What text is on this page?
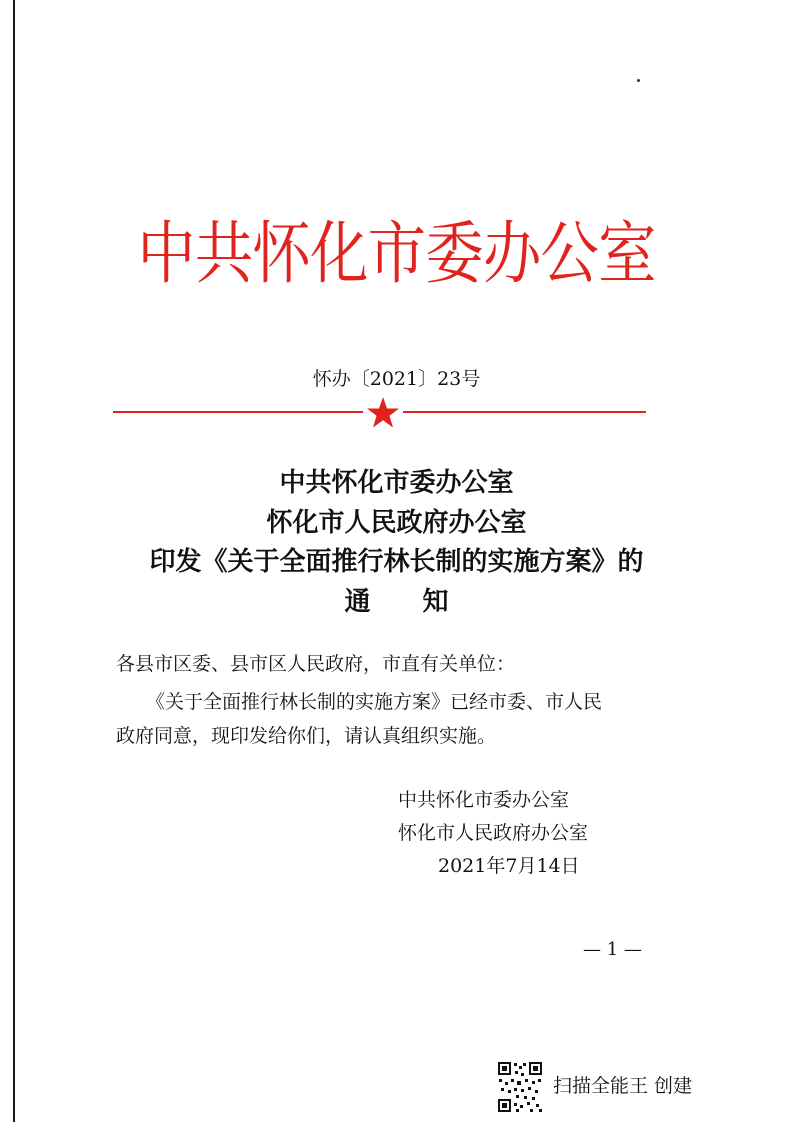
中共怀化市委办公室
怀办〔2021〕23号
中共怀化市委办公室
怀化市人民政府办公室
印发《关于全面推行林长制的实施方案》的
通 知
各县市区委、县市区人民政府，市直有关单位：
《关于全面推行林长制的实施方案》已经市委、市人民
政府同意，现印发给你们，请认真组织实施。
中共怀化市委办公室
怀化市人民政府办公室
2021年7月14日
— 1 —
扫描全能王 创建
